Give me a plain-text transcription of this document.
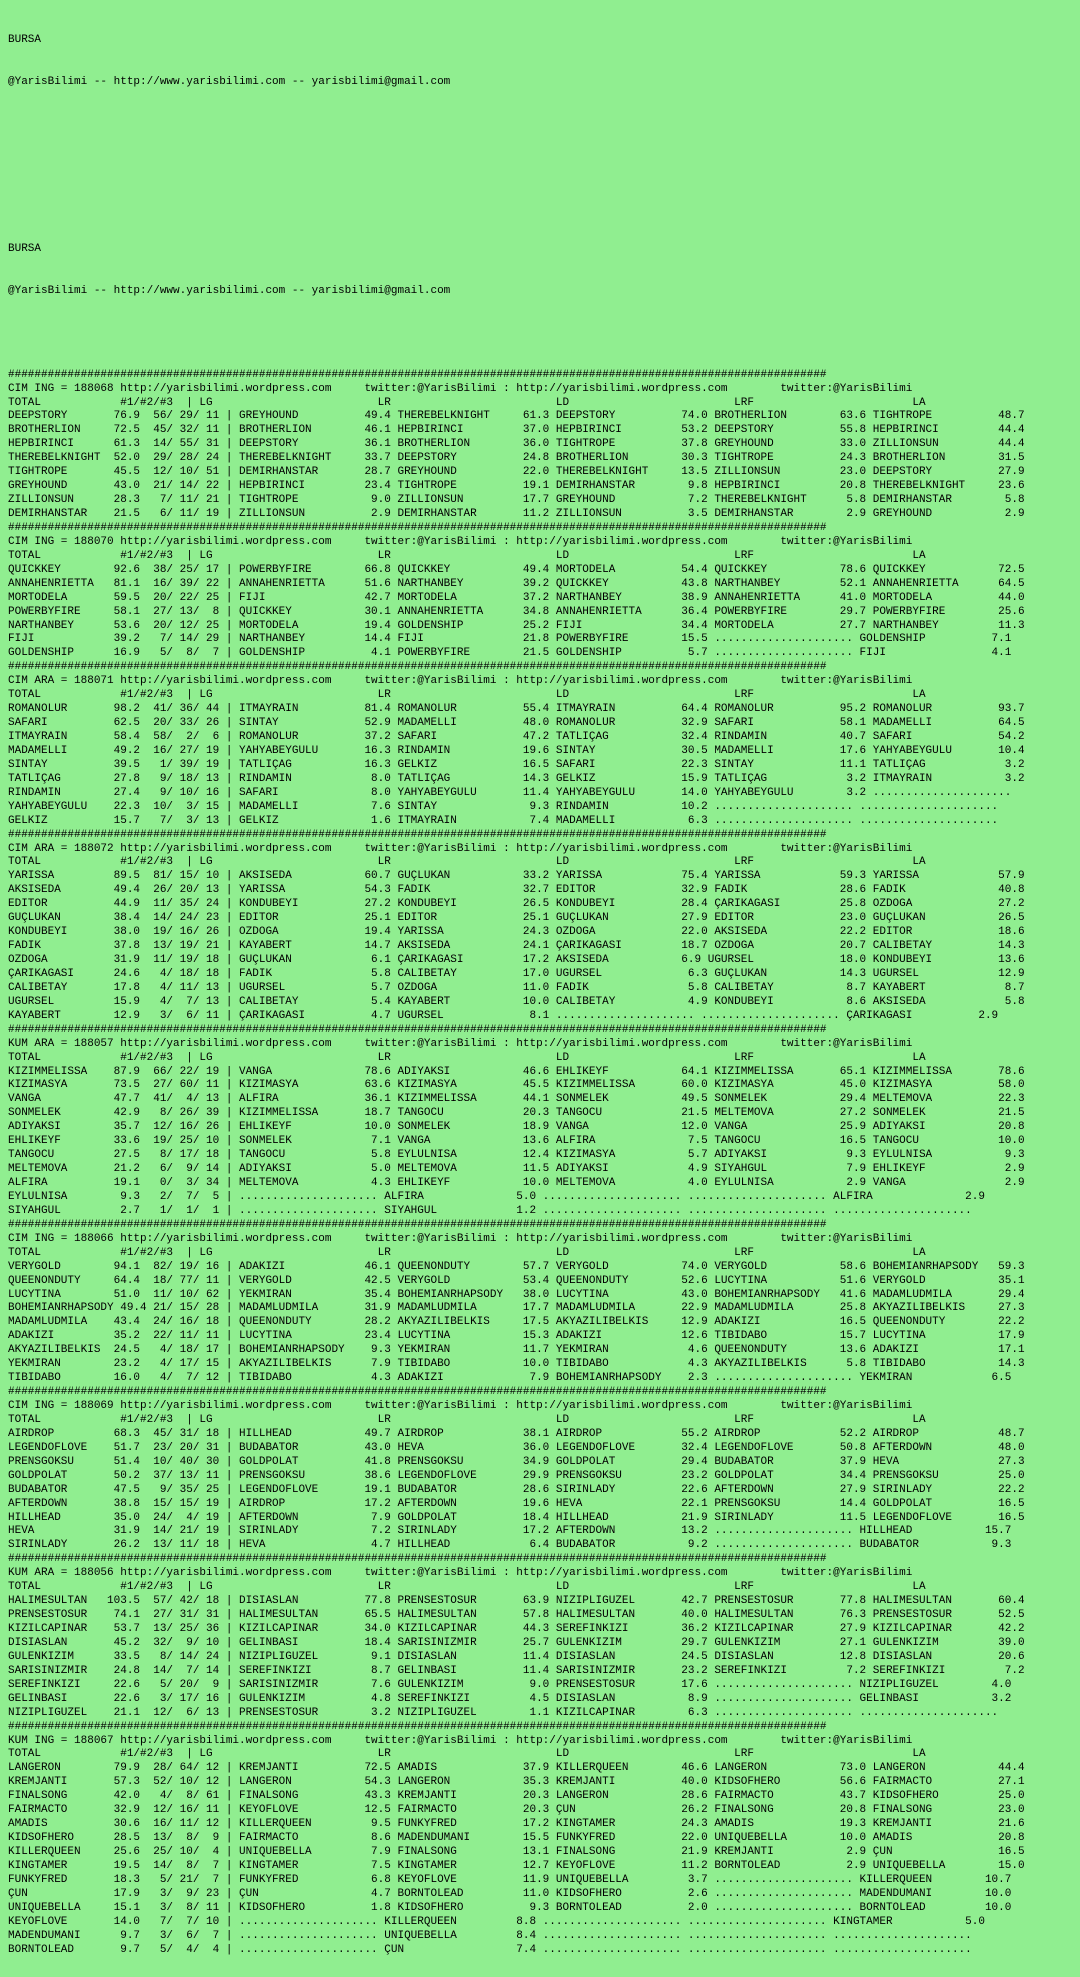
BURSA

@YarisBilimi -- http://www.yarisbilimi.com -- yarisbilimi@gmail.com

BURSA

@YarisBilimi -- http://www.yarisbilimi.com -- yarisbilimi@gmail.com

############################################################################################################################
CIM ING = 188068 http://yarisbilimi.wordpress.com     twitter:@YarisBilimi : http://yarisbilimi.wordpress.com        twitter:@YarisBilimi
TOTAL            #1/#2/#3  | LG                         LR                         LD                         LRF                        LA
DEEPSTORY       76.9  56/ 29/ 11 | GREYHOUND          49.4 THEREBELKNIGHT     61.3 DEEPSTORY          74.0 BROTHERLION        63.6 TIGHTROPE          48.7
BROTHERLION     72.5  45/ 32/ 11 | BROTHERLION        46.1 HEPBIRINCI         37.0 HEPBIRINCI         53.2 DEEPSTORY          55.8 HEPBIRINCI         44.4
HEPBIRINCI      61.3  14/ 55/ 31 | DEEPSTORY          36.1 BROTHERLION        36.0 TIGHTROPE          37.8 GREYHOUND          33.0 ZILLIONSUN         44.4
THEREBELKNIGHT  52.0  29/ 28/ 24 | THEREBELKNIGHT     33.7 DEEPSTORY          24.8 BROTHERLION        30.3 TIGHTROPE          24.3 BROTHERLION        31.5
TIGHTROPE       45.5  12/ 10/ 51 | DEMIRHANSTAR       28.7 GREYHOUND          22.0 THEREBELKNIGHT     13.5 ZILLIONSUN         23.0 DEEPSTORY          27.9
GREYHOUND       43.0  21/ 14/ 22 | HEPBIRINCI         23.4 TIGHTROPE          19.1 DEMIRHANSTAR        9.8 HEPBIRINCI         20.8 THEREBELKNIGHT     23.6
ZILLIONSUN      28.3   7/ 11/ 21 | TIGHTROPE           9.0 ZILLIONSUN         17.7 GREYHOUND           7.2 THEREBELKNIGHT      5.8 DEMIRHANSTAR        5.8
DEMIRHANSTAR    21.5   6/ 11/ 19 | ZILLIONSUN          2.9 DEMIRHANSTAR       11.2 ZILLIONSUN          3.5 DEMIRHANSTAR        2.9 GREYHOUND           2.9
############################################################################################################################
CIM ING = 188070 http://yarisbilimi.wordpress.com     twitter:@YarisBilimi : http://yarisbilimi.wordpress.com        twitter:@YarisBilimi
TOTAL            #1/#2/#3  | LG                         LR                         LD                         LRF                        LA
QUICKKEY        92.6  38/ 25/ 17 | POWERBYFIRE        66.8 QUICKKEY           49.4 MORTODELA          54.4 QUICKKEY           78.6 QUICKKEY           72.5
ANNAHENRIETTA   81.1  16/ 39/ 22 | ANNAHENRIETTA      51.6 NARTHANBEY         39.2 QUICKKEY           43.8 NARTHANBEY         52.1 ANNAHENRIETTA      64.5
MORTODELA       59.5  20/ 22/ 25 | FIJI               42.7 MORTODELA          37.2 NARTHANBEY         38.9 ANNAHENRIETTA      41.0 MORTODELA          44.0
POWERBYFIRE     58.1  27/ 13/  8 | QUICKKEY           30.1 ANNAHENRIETTA      34.8 ANNAHENRIETTA      36.4 POWERBYFIRE        29.7 POWERBYFIRE        25.6
NARTHANBEY      53.6  20/ 12/ 25 | MORTODELA          19.4 GOLDENSHIP         25.2 FIJI               34.4 MORTODELA          27.7 NARTHANBEY         11.3
FIJI            39.2   7/ 14/ 29 | NARTHANBEY         14.4 FIJI               21.8 POWERBYFIRE        15.5 ..................... GOLDENSHIP          7.1
GOLDENSHIP      16.9   5/  8/  7 | GOLDENSHIP          4.1 POWERBYFIRE        21.5 GOLDENSHIP          5.7 ..................... FIJI                4.1
############################################################################################################################
CIM ARA = 188071 http://yarisbilimi.wordpress.com     twitter:@YarisBilimi : http://yarisbilimi.wordpress.com        twitter:@YarisBilimi
TOTAL            #1/#2/#3  | LG                         LR                         LD                         LRF                        LA
ROMANOLUR       98.2  41/ 36/ 44 | ITMAYRAIN          81.4 ROMANOLUR          55.4 ITMAYRAIN          64.4 ROMANOLUR          95.2 ROMANOLUR          93.7
SAFARI          62.5  20/ 33/ 26 | SINTAY             52.9 MADAMELLI          48.0 ROMANOLUR          32.9 SAFARI             58.1 MADAMELLI          64.5
ITMAYRAIN       58.4  58/  2/  6 | ROMANOLUR          37.2 SAFARI             47.2 TATLIÇAG           32.4 RINDAMIN           40.7 SAFARI             54.2
MADAMELLI       49.2  16/ 27/ 19 | YAHYABEYGÜLÜ       16.3 RINDAMIN           19.6 SINTAY             30.5 MADAMELLI          17.6 YAHYABEYGÜLÜ       10.4
SINTAY          39.5   1/ 39/ 19 | TATLIÇAG           16.3 GELKIZ             16.5 SAFARI             22.3 SINTAY             11.1 TATLIÇAG            3.2
TATLIÇAG        27.8   9/ 18/ 13 | RINDAMIN            8.0 TATLIÇAG           14.3 GELKIZ             15.9 TATLIÇAG            3.2 ITMAYRAIN           3.2
RINDAMIN        27.4   9/ 10/ 16 | SAFARI              8.0 YAHYABEYGÜLÜ       11.4 YAHYABEYGÜLÜ       14.0 YAHYABEYGÜLÜ        3.2 .....................
YAHYABEYGÜLÜ    22.3  10/  3/ 15 | MADAMELLI           7.6 SINTAY              9.3 RINDAMIN           10.2 ..................... .....................
GELKIZ          15.7   7/  3/ 13 | GELKIZ              1.6 ITMAYRAIN           7.4 MADAMELLI           6.3 ..................... .....................
############################################################################################################################
CIM ARA = 188072 http://yarisbilimi.wordpress.com     twitter:@YarisBilimi : http://yarisbilimi.wordpress.com        twitter:@YarisBilimi
TOTAL            #1/#2/#3  | LG                         LR                         LD                         LRF                        LA
YARISSA         89.5  81/ 15/ 10 | AKSISEDA           60.7 GÜÇLÜKAN           33.2 YARISSA            75.4 YARISSA            59.3 YARISSA            57.9
AKSISEDA        49.4  26/ 20/ 13 | YARISSA            54.3 FADIK              32.7 EDITÖR             32.9 FADIK              28.6 FADIK              40.8
EDITÖR          44.9  11/ 35/ 24 | KONDUBEYI          27.2 KONDUBEYI          26.5 KONDUBEYI          28.4 ÇARIKAGASI         25.8 ÖZDOGA             27.2
GÜÇLÜKAN        38.4  14/ 24/ 23 | EDITÖR             25.1 EDITÖR             25.1 GÜÇLÜKAN           27.9 EDITÖR             23.0 GÜÇLÜKAN           26.5
KONDUBEYI       38.0  19/ 16/ 26 | ÖZDOGA             19.4 YARISSA            24.3 ÖZDOGA             22.0 AKSISEDA           22.2 EDITÖR             18.6
FADIK           37.8  13/ 19/ 21 | KAYABERT           14.7 AKSISEDA           24.1 ÇARIKAGASI         18.7 ÖZDOGA             20.7 CALIBETAY          14.3
ÖZDOGA          31.9  11/ 19/ 18 | GÜÇLÜKAN            6.1 ÇARIKAGASI         17.2 AKSISEDA           6.9 UGURSEL             18.0 KONDUBEYI          13.6
ÇARIKAGASI      24.6   4/ 18/ 18 | FADIK               5.8 CALIBETAY          17.0 UGURSEL             6.3 GÜÇLÜKAN           14.3 UGURSEL            12.9
CALIBETAY       17.8   4/ 11/ 13 | UGURSEL             5.7 ÖZDOGA             11.0 FADIK               5.8 CALIBETAY           8.7 KAYABERT            8.7
UGURSEL         15.9   4/  7/ 13 | CALIBETAY           5.4 KAYABERT           10.0 CALIBETAY           4.9 KONDUBEYI           8.6 AKSISEDA            5.8
KAYABERT        12.9   3/  6/ 11 | ÇARIKAGASI          4.7 UGURSEL             8.1 ..................... ..................... ÇARIKAGASI          2.9
############################################################################################################################
KUM ARA = 188057 http://yarisbilimi.wordpress.com     twitter:@YarisBilimi : http://yarisbilimi.wordpress.com        twitter:@YarisBilimi
TOTAL            #1/#2/#3  | LG                         LR                         LD                         LRF                        LA
KIZIMMELISSA    87.9  66/ 22/ 19 | VANGA              78.6 ADIYAKSI           46.6 EHLIKEYF           64.1 KIZIMMELISSA       65.1 KIZIMMELISSA       78.6
KIZIMASYA       73.5  27/ 60/ 11 | KIZIMASYA          63.6 KIZIMASYA          45.5 KIZIMMELISSA       60.0 KIZIMASYA          45.0 KIZIMASYA          58.0
VANGA           47.7  41/  4/ 13 | ALFIRA             36.1 KIZIMMELISSA       44.1 SONMELEK           49.5 SONMELEK           29.4 MELTEMOVA          22.3
SONMELEK        42.9   8/ 26/ 39 | KIZIMMELISSA       18.7 TANGOCU            20.3 TANGOCU            21.5 MELTEMOVA          27.2 SONMELEK           21.5
ADIYAKSI        35.7  12/ 16/ 26 | EHLIKEYF           10.0 SONMELEK           18.9 VANGA              12.0 VANGA              25.9 ADIYAKSI           20.8
EHLIKEYF        33.6  19/ 25/ 10 | SONMELEK            7.1 VANGA              13.6 ALFIRA              7.5 TANGOCU            16.5 TANGOCU            10.0
TANGOCU         27.5   8/ 17/ 18 | TANGOCU             5.8 EYLÜLNISA          12.4 KIZIMASYA           5.7 ADIYAKSI            9.3 EYLÜLNISA           9.3
MELTEMOVA       21.2   6/  9/ 14 | ADIYAKSI            5.0 MELTEMOVA          11.5 ADIYAKSI            4.9 SIYAHGÜL            7.9 EHLIKEYF            2.9
ALFIRA          19.1   0/  3/ 34 | MELTEMOVA           4.3 EHLIKEYF           10.0 MELTEMOVA           4.0 EYLÜLNISA           2.9 VANGA               2.9
EYLÜLNISA        9.3   2/  7/  5 | ..................... ALFIRA              5.0 ..................... ..................... ALFIRA              2.9
SIYAHGÜL         2.7   1/  1/  1 | ..................... SIYAHGÜL            1.2 ..................... ..................... .....................
############################################################################################################################
CIM ING = 188066 http://yarisbilimi.wordpress.com     twitter:@YarisBilimi : http://yarisbilimi.wordpress.com        twitter:@YarisBilimi
TOTAL            #1/#2/#3  | LG                         LR                         LD                         LRF                        LA
VERYGOLD        94.1  82/ 19/ 16 | ADAKIZI            46.1 QUEENONDUTY        57.7 VERYGOLD           74.0 VERYGOLD           58.6 BOHEMIANRHAPSODY   59.3
QUEENONDUTY     64.4  18/ 77/ 11 | VERYGOLD           42.5 VERYGOLD           53.4 QUEENONDUTY        52.6 LUCYTINA           51.6 VERYGOLD           35.1
LUCYTINA        51.0  11/ 10/ 62 | YEKMIRAN           35.4 BOHEMIANRHAPSODY   38.0 LUCYTINA           43.0 BOHEMIANRHAPSODY   41.6 MADAMLUDMILA       29.4
BOHEMIANRHAPSODY 49.4 21/ 15/ 28 | MADAMLUDMILA       31.9 MADAMLUDMILA       17.7 MADAMLUDMILA       22.9 MADAMLUDMILA       25.8 AKYAZILIBELKIS     27.3
MADAMLUDMILA    43.4  24/ 16/ 18 | QUEENONDUTY        28.2 AKYAZILIBELKIS     17.5 AKYAZILIBELKIS     12.9 ADAKIZI            16.5 QUEENONDUTY        22.2
ADAKIZI         35.2  22/ 11/ 11 | LUCYTINA           23.4 LUCYTINA           15.3 ADAKIZI            12.6 TIBIDABO           15.7 LUCYTINA           17.9
AKYAZILIBELKIS  24.5   4/ 18/ 17 | BOHEMIANRHAPSODY    9.3 YEKMIRAN           11.7 YEKMIRAN            4.6 QUEENONDUTY        13.6 ADAKIZI            17.1
YEKMIRAN        23.2   4/ 17/ 15 | AKYAZILIBELKIS      7.9 TIBIDABO           10.0 TIBIDABO            4.3 AKYAZILIBELKIS      5.8 TIBIDABO           14.3
TIBIDABO        16.0   4/  7/ 12 | TIBIDABO            4.3 ADAKIZI             7.9 BOHEMIANRHAPSODY    2.3 ..................... YEKMIRAN            6.5
############################################################################################################################
CIM ING = 188069 http://yarisbilimi.wordpress.com     twitter:@YarisBilimi : http://yarisbilimi.wordpress.com        twitter:@YarisBilimi
TOTAL            #1/#2/#3  | LG                         LR                         LD                         LRF                        LA
AIRDROP         68.3  45/ 31/ 18 | HILLHEAD           49.7 AIRDROP            38.1 AIRDROP            55.2 AIRDROP            52.2 AIRDROP            48.7
LEGENDOFLOVE    51.7  23/ 20/ 31 | BUDABATOR          43.0 HEVA               36.0 LEGENDOFLOVE       32.4 LEGENDOFLOVE       50.8 AFTERDOWN          48.0
PRENSGÖKSU      51.4  10/ 40/ 30 | GOLDPOLAT          41.8 PRENSGÖKSU         34.9 GOLDPOLAT          29.4 BUDABATOR          37.9 HEVA               27.3
GOLDPOLAT       50.2  37/ 13/ 11 | PRENSGÖKSU         38.6 LEGENDOFLOVE       29.9 PRENSGÖKSU         23.2 GOLDPOLAT          34.4 PRENSGÖKSU         25.0
BUDABATOR       47.5   9/ 35/ 25 | LEGENDOFLOVE       19.1 BUDABATOR          28.6 SIRINLADY          22.6 AFTERDOWN          27.9 SIRINLADY          22.2
AFTERDOWN       38.8  15/ 15/ 19 | AIRDROP            17.2 AFTERDOWN          19.6 HEVA               22.1 PRENSGÖKSU         14.4 GOLDPOLAT          16.5
HILLHEAD        35.0  24/  4/ 19 | AFTERDOWN           7.9 GOLDPOLAT          18.4 HILLHEAD           21.9 SIRINLADY          11.5 LEGENDOFLOVE       16.5
HEVA            31.9  14/ 21/ 19 | SIRINLADY           7.2 SIRINLADY          17.2 AFTERDOWN          13.2 ..................... HILLHEAD           15.7
SIRINLADY       26.2  13/ 11/ 18 | HEVA                4.7 HILLHEAD            6.4 BUDABATOR           9.2 ..................... BUDABATOR           9.3
############################################################################################################################
KUM ARA = 188056 http://yarisbilimi.wordpress.com     twitter:@YarisBilimi : http://yarisbilimi.wordpress.com        twitter:@YarisBilimi
TOTAL            #1/#2/#3  | LG                         LR                         LD                         LRF                        LA
HALIMESULTAN   103.5  57/ 42/ 18 | DISIASLAN          77.8 PRENSESTOSUR       63.9 NIZIPLIGÜZEL       42.7 PRENSESTOSUR       77.8 HALIMESULTAN       60.4
PRENSESTOSUR    74.1  27/ 31/ 31 | HALIMESULTAN       65.5 HALIMESULTAN       57.8 HALIMESULTAN       40.0 HALIMESULTAN       76.3 PRENSESTOSUR       52.5
KIZILCAPINAR    53.7  13/ 25/ 36 | KIZILCAPINAR       34.0 KIZILCAPINAR       44.3 SEREFINKIZI        36.2 KIZILCAPINAR       27.9 KIZILCAPINAR       42.2
DISIASLAN       45.2  32/  9/ 10 | GELINBASI          18.4 SARISINIZMIR       25.7 GÜLENKIZIM         29.7 GÜLENKIZIM         27.1 GÜLENKIZIM         39.0
GÜLENKIZIM      33.5   8/ 14/ 24 | NIZIPLIGÜZEL        9.1 DISIASLAN          11.4 DISIASLAN          24.5 DISIASLAN          12.8 DISIASLAN          20.6
SARISINIZMIR    24.8  14/  7/ 14 | SEREFINKIZI         8.7 GELINBASI          11.4 SARISINIZMIR       23.2 SEREFINKIZI         7.2 SEREFINKIZI         7.2
SEREFINKIZI     22.6   5/ 20/  9 | SARISINIZMIR        7.6 GÜLENKIZIM          9.0 PRENSESTOSUR       17.6 ..................... NIZIPLIGÜZEL        4.0
GELINBASI       22.6   3/ 17/ 16 | GÜLENKIZIM          4.8 SEREFINKIZI         4.5 DISIASLAN           8.9 ..................... GELINBASI           3.2
NIZIPLIGÜZEL    21.1  12/  6/ 13 | PRENSESTOSUR        3.2 NIZIPLIGÜZEL        1.1 KIZILCAPINAR        6.3 ..................... .....................
############################################################################################################################
KUM ING = 188067 http://yarisbilimi.wordpress.com     twitter:@YarisBilimi : http://yarisbilimi.wordpress.com        twitter:@YarisBilimi
TOTAL            #1/#2/#3  | LG                         LR                         LD                         LRF                        LA
LANGERON        79.9  28/ 64/ 12 | KREMJANTI          72.5 AMADIS             37.9 KILLERQUEEN        46.6 LANGERON           73.0 LANGERON           44.4
KREMJANTI       57.3  52/ 10/ 12 | LANGERON           54.3 LANGERON           35.3 KREMJANTI          40.0 KIDSOFHERO         56.6 FAIRMACTO          27.1
FINALSONG       42.0   4/  8/ 61 | FINALSONG          43.3 KREMJANTI          20.3 LANGERON           28.6 FAIRMACTO          43.7 KIDSOFHERO         25.0
FAIRMACTO       32.9  12/ 16/ 11 | KEYOFLOVE          12.5 FAIRMACTO          20.3 ÇUN                26.2 FINALSONG          20.8 FINALSONG          23.0
AMADIS          30.6  16/ 11/ 12 | KILLERQUEEN         9.5 FUNKYFRED          17.2 KINGTAMER          24.3 AMADIS             19.3 KREMJANTI          21.6
KIDSOFHERO      28.5  13/  8/  9 | FAIRMACTO           8.6 MADENDUMANI        15.5 FUNKYFRED          22.0 UNIQUEBELLA        10.0 AMADIS             20.8
KILLERQUEEN     25.6  25/ 10/  4 | UNIQUEBELLA         7.9 FINALSONG          13.1 FINALSONG          21.9 KREMJANTI           2.9 ÇUN                16.5
KINGTAMER       19.5  14/  8/  7 | KINGTAMER           7.5 KINGTAMER          12.7 KEYOFLOVE          11.2 BORNTOLEAD          2.9 UNIQUEBELLA        15.0
FUNKYFRED       18.3   5/ 21/  7 | FUNKYFRED           6.8 KEYOFLOVE          11.9 UNIQUEBELLA         3.7 ..................... KILLERQUEEN        10.7
ÇUN             17.9   3/  9/ 23 | ÇUN                 4.7 BORNTOLEAD         11.0 KIDSOFHERO          2.6 ..................... MADENDUMANI        10.0
UNIQUEBELLA     15.1   3/  8/ 11 | KIDSOFHERO          1.8 KIDSOFHERO          9.3 BORNTOLEAD          2.0 ..................... BORNTOLEAD         10.0
KEYOFLOVE       14.0   7/  7/ 10 | ..................... KILLERQUEEN         8.8 ..................... ..................... KINGTAMER           5.0
MADENDUMANI      9.7   3/  6/  7 | ..................... UNIQUEBELLA         8.4 ..................... ..................... .....................
BORNTOLEAD       9.7   5/  4/  4 | ..................... ÇUN                 7.4 ..................... ..................... .....................
